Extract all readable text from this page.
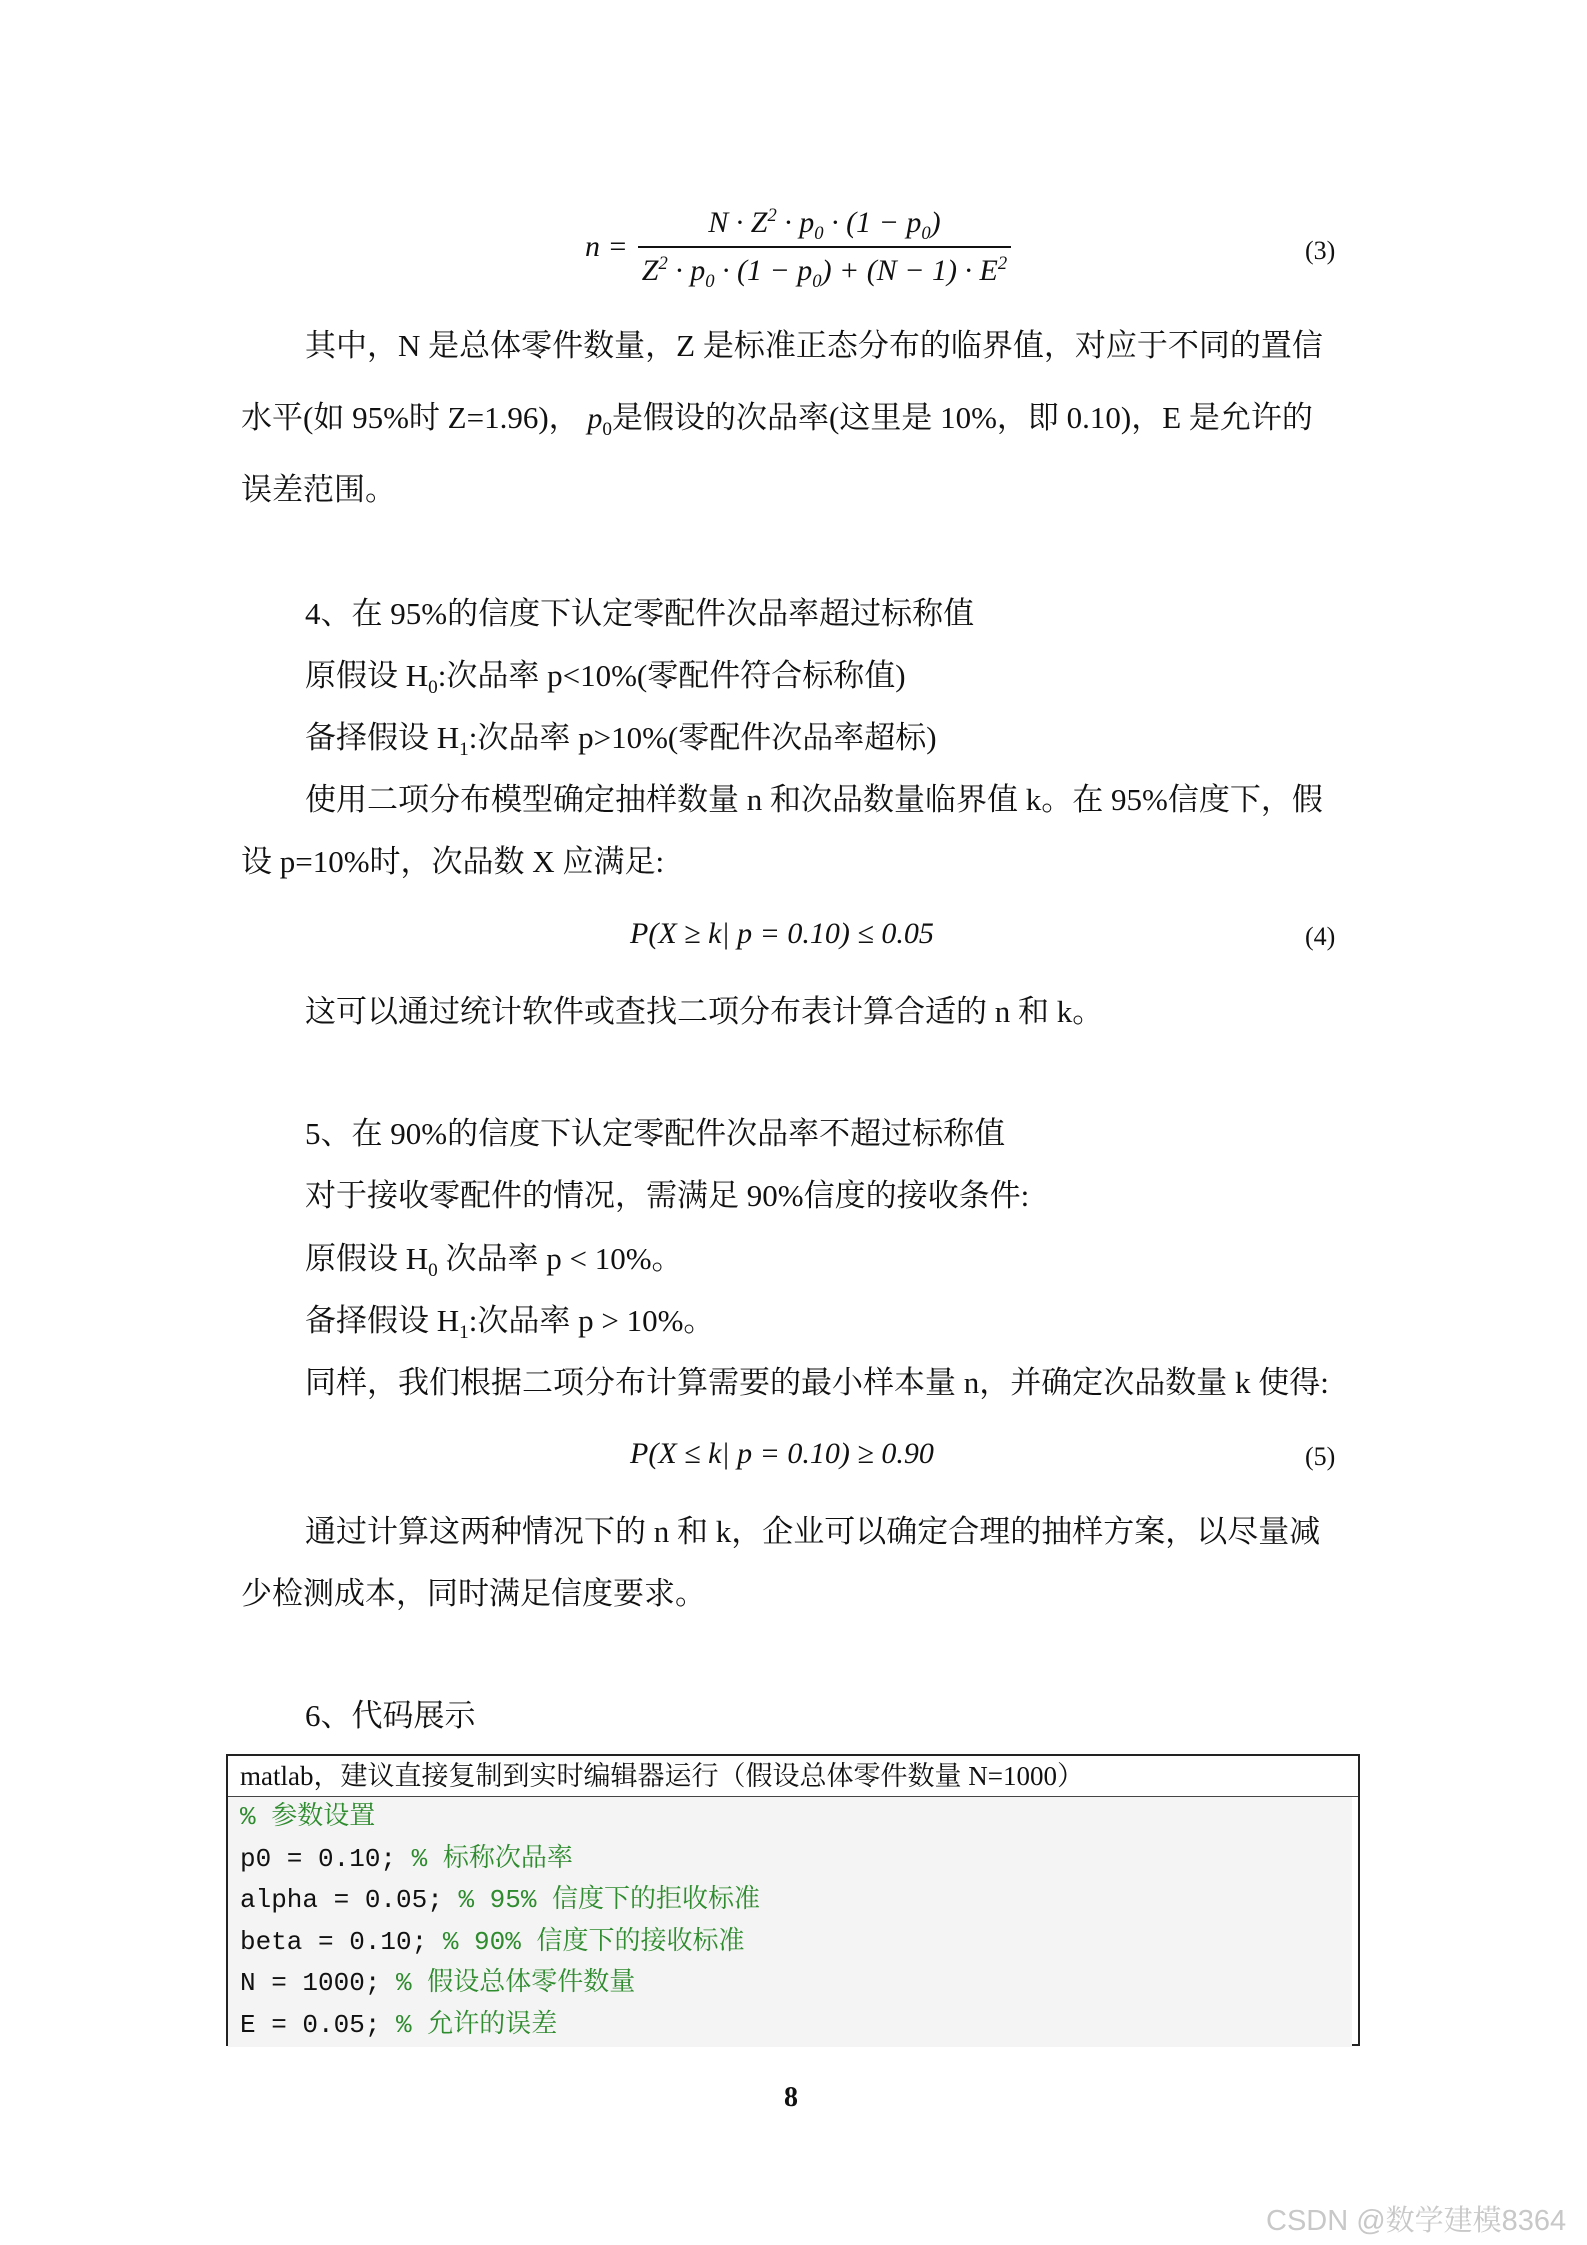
$n = \frac{N \cdot Z^2 \cdot p_0 \cdot (1 - p_0)}{Z^2 \cdot p_0 \cdot (1 - p_0) + (N - 1) \cdot E^2}$	(3)
其中，N 是总体零件数量，Z 是标准正态分布的临界值，对应于不同的置信
水平(如 95%时 Z=1.96)， $p_0$是假设的次品率(这里是 10%，即 0.10)，E 是允许的
误差范围。
4、在 95%的信度下认定零配件次品率超过标称值
原假设 $H_0$:次品率 p<10%(零配件符合标称值)
备择假设 $H_1$:次品率 p>10%(零配件次品率超标)
使用二项分布模型确定抽样数量 n 和次品数量临界值 k。在 95%信度下，假
设 p=10%时，次品数 X 应满足:
P(X ≥ k| p = 0.10) ≤ 0.05	(4)
这可以通过统计软件或查找二项分布表计算合适的 n 和 k。
5、在 90%的信度下认定零配件次品率不超过标称值
对于接收零配件的情况，需满足 90%信度的接收条件:
原假设 $H_0$ 次品率 p < 10%。
备择假设 $H_1$:次品率 p > 10%。
同样，我们根据二项分布计算需要的最小样本量 n，并确定次品数量 k 使得:
P(X ≤ k| p = 0.10) ≥ 0.90	(5)
通过计算这两种情况下的 n 和 k，企业可以确定合理的抽样方案，以尽量减
少检测成本，同时满足信度要求。
6、代码展示
matlab，建议直接复制到实时编辑器运行（假设总体零件数量 N=1000）
% 参数设置
p0 = 0.10; % 标称次品率
alpha = 0.05; % 95% 信度下的拒收标准
beta = 0.10; % 90% 信度下的接收标准
N = 1000; % 假设总体零件数量
E = 0.05; % 允许的误差
8
CSDN @数学建模8364
